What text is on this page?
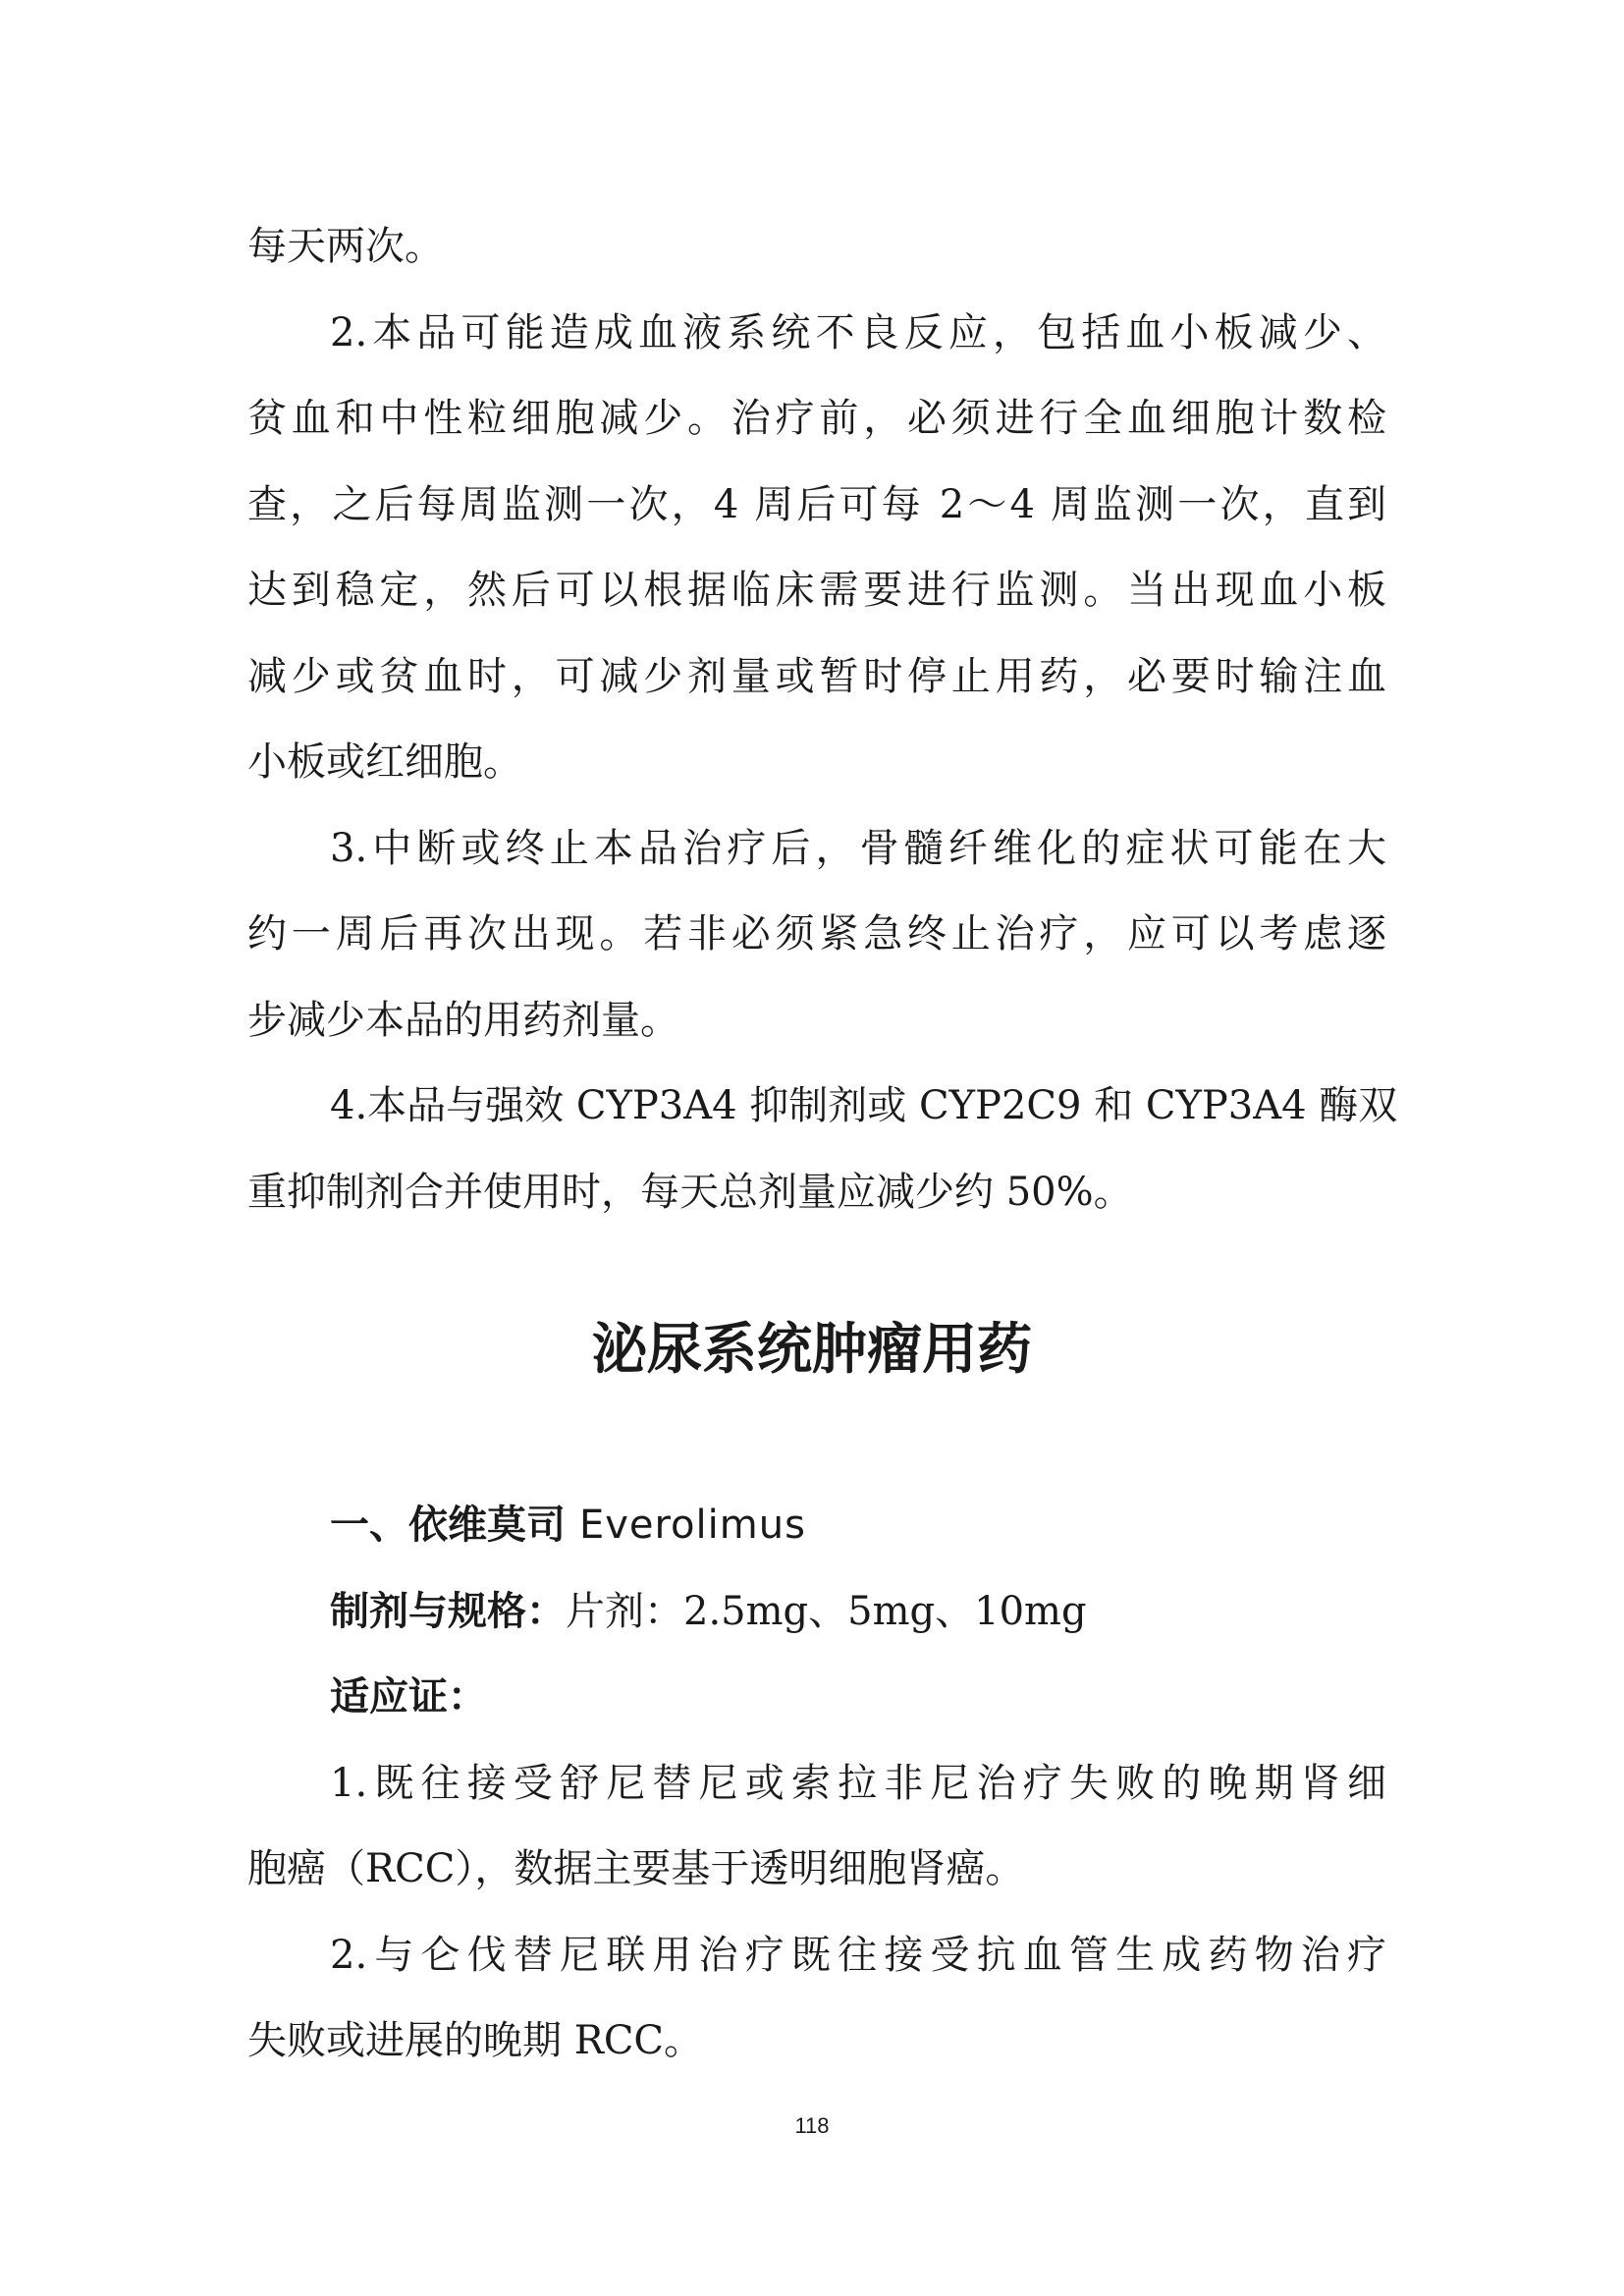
每天两次。
2.本品可能造成血液系统不良反应，包括血小板减少、
贫血和中性粒细胞减少。治疗前，必须进行全血细胞计数检
查，之后每周监测一次，4 周后可每 2～4 周监测一次，直到
达到稳定，然后可以根据临床需要进行监测。当出现血小板
减少或贫血时，可减少剂量或暂时停止用药，必要时输注血
小板或红细胞。
3.中断或终止本品治疗后，骨髓纤维化的症状可能在大
约一周后再次出现。若非必须紧急终止治疗，应可以考虑逐
步减少本品的用药剂量。
4.本品与强效 CYP3A4 抑制剂或 CYP2C9 和 CYP3A4 酶双
重抑制剂合并使用时，每天总剂量应减少约 50%。
泌尿系统肿瘤用药
一、依维莫司 Everolimus
制剂与规格：片剂：2.5mg、5mg、10mg
适应证：
1.既往接受舒尼替尼或索拉非尼治疗失败的晚期肾细
胞癌（RCC），数据主要基于透明细胞肾癌。
2.与仑伐替尼联用治疗既往接受抗血管生成药物治疗
失败或进展的晚期 RCC。
118
